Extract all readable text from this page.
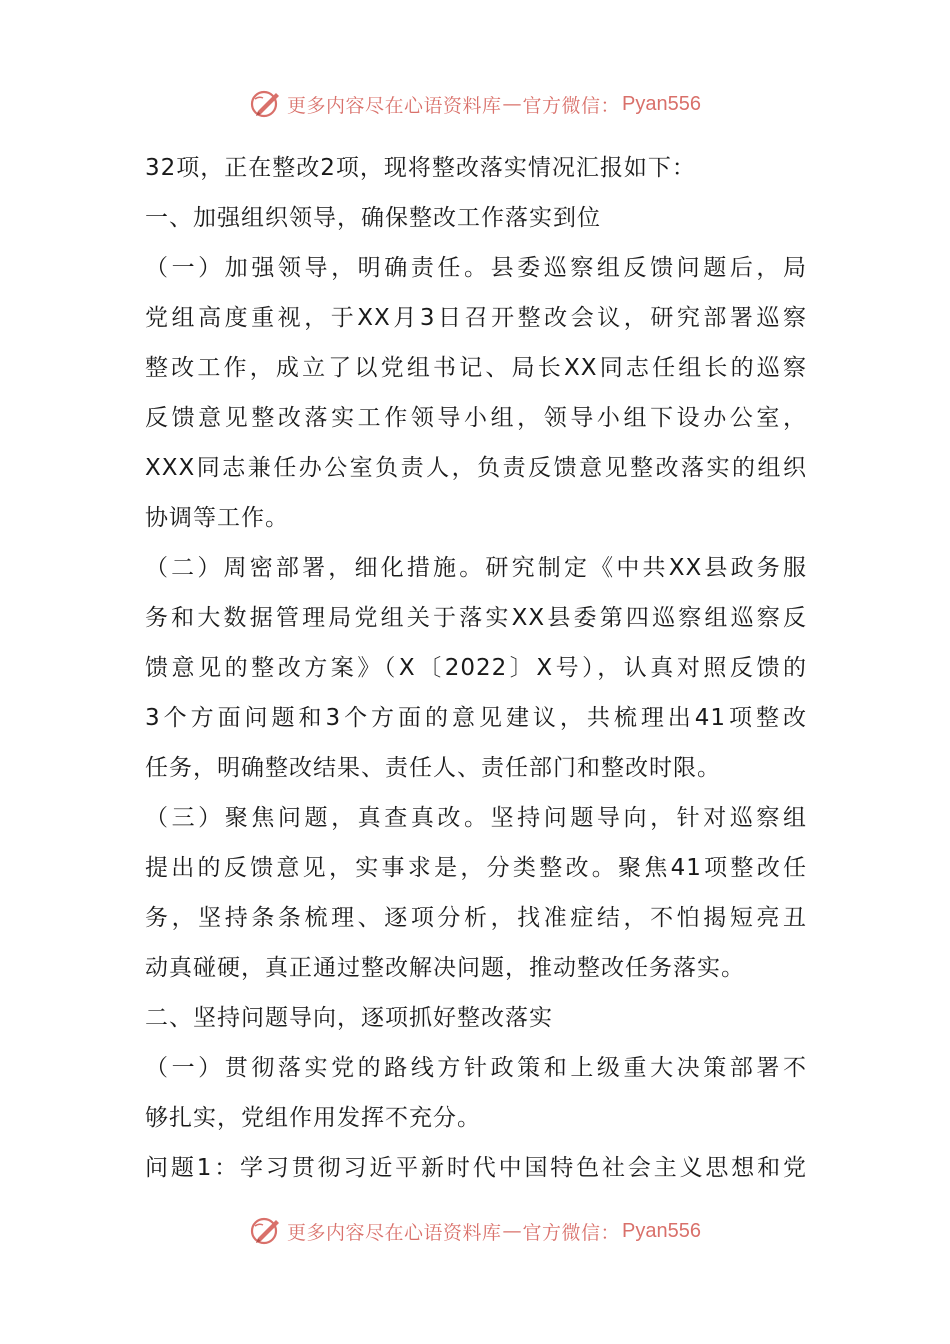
更多内容尽在心语资料库 — 官方微信： Pyan556
32项，正在整改2项，现将整改落实情况汇报如下：
一、加强组织领导，确保整改工作落实到位
（一）加强领导，明确责任。县委巡察组反馈问题后，局
党组高度重视，于XX月3日召开整改会议，研究部署巡察
整改工作，成立了以党组书记、局长XX同志任组长的巡察
反馈意见整改落实工作领导小组，领导小组下设办公室，
XXX同志兼任办公室负责人，负责反馈意见整改落实的组织
协调等工作。
（二）周密部署，细化措施。研究制定《中共XX县政务服
务和大数据管理局党组关于落实XX县委第四巡察组巡察反
馈意见的整改方案》（X〔2022〕X号），认真对照反馈的
3个方面问题和3个方面的意见建议，共梳理出41项整改
任务，明确整改结果、责任人、责任部门和整改时限。
（三）聚焦问题，真查真改。坚持问题导向，针对巡察组
提出的反馈意见，实事求是，分类整改。聚焦41项整改任
务，坚持条条梳理、逐项分析，找准症结，不怕揭短亮丑
动真碰硬，真正通过整改解决问题，推动整改任务落实。
二、坚持问题导向，逐项抓好整改落实
（一）贯彻落实党的路线方针政策和上级重大决策部署不
够扎实，党组作用发挥不充分。
问题1：学习贯彻习近平新时代中国特色社会主义思想和党
更多内容尽在心语资料库 — 官方微信： Pyan556
